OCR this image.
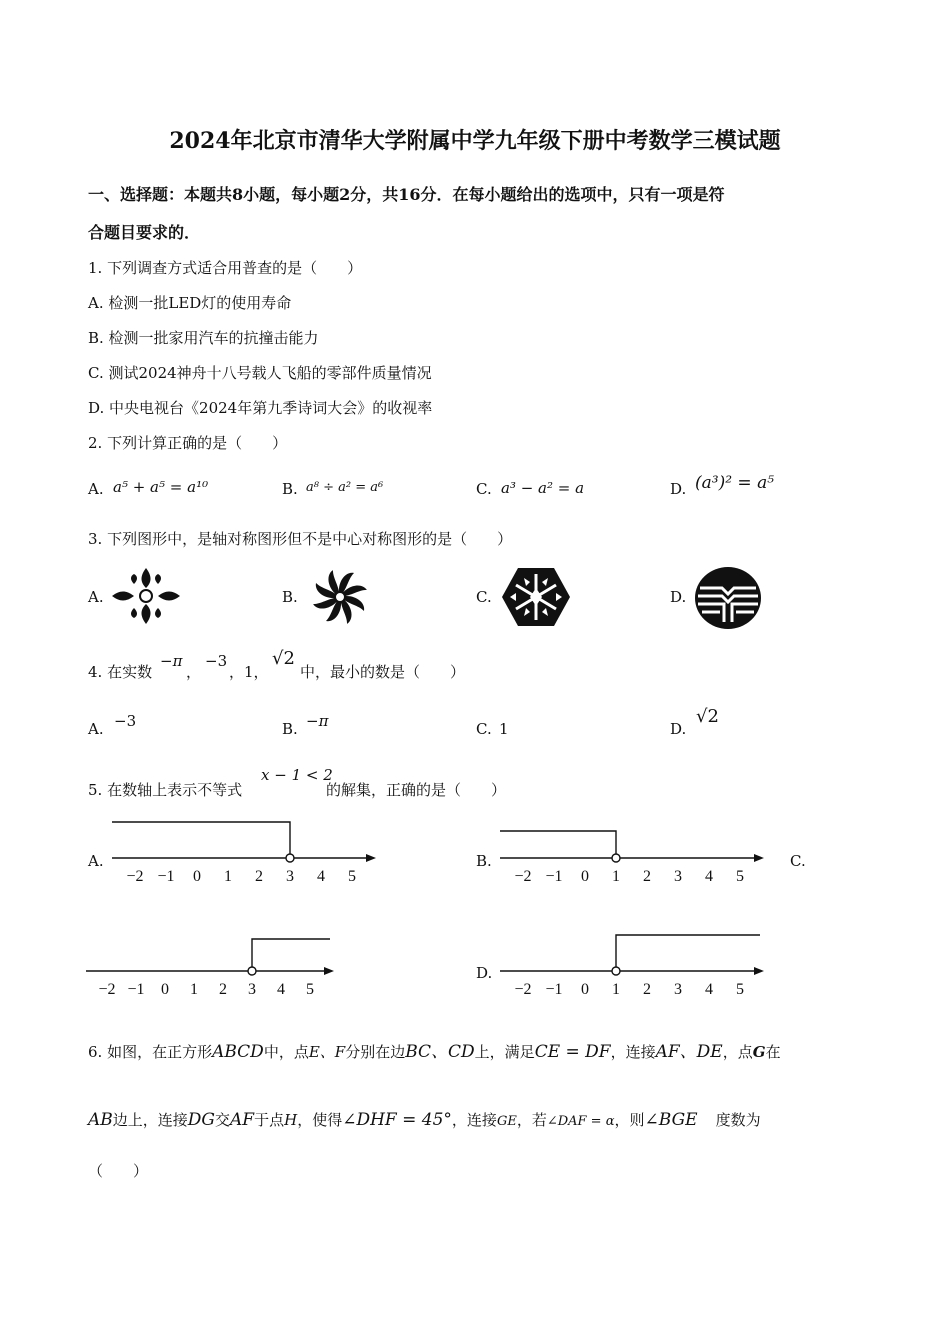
2024年北京市清华大学附属中学九年级下册中考数学三模试题
一、选择题：本题共8小题，每小题2分，共16分．在每小题给出的选项中，只有一项是符
合题目要求的．
1. 下列调查方式适合用普查的是（　　）
A. 检测一批LED灯的使用寿命
B. 检测一批家用汽车的抗撞击能力
C. 测试2024神舟十八号载人飞船的零部件质量情况
D. 中央电视台《2024年第九季诗词大会》的收视率
2. 下列计算正确的是（　　）
A. a⁵ + a⁵ = a¹⁰	B. a⁸ ÷ a² = a⁶	C. a³ − a² = a	D. (a³)² = a⁵
3. 下列图形中，是轴对称图形但不是中心对称图形的是（　　）
A.	B.	C.	D.
4. 在实数
−π
，
−3
，1，
√2
中，最小的数是（　　）
A. −3	B. −π	C. 1	D.
√2
5. 在数轴上表示不等式
x − 1 < 2
的解集，正确的是（　　）
A.	B.	C.
D.
−2 −1 0 1 2 3 4 5	−2 −1 0 1 2 3 4 5
−2 −1 0 1 2 3 4 5	−2 −1 0 1 2 3 4 5
6. 如图，在正方形ABCD中，点E、F分别在边BC、CD上，满足CE = DF，连接AF、DE，点G在
AB边上，连接DG交AF于点H，使得∠DHF = 45°，连接GE，若∠DAF = α，则∠BGE 度数为
（　　）
